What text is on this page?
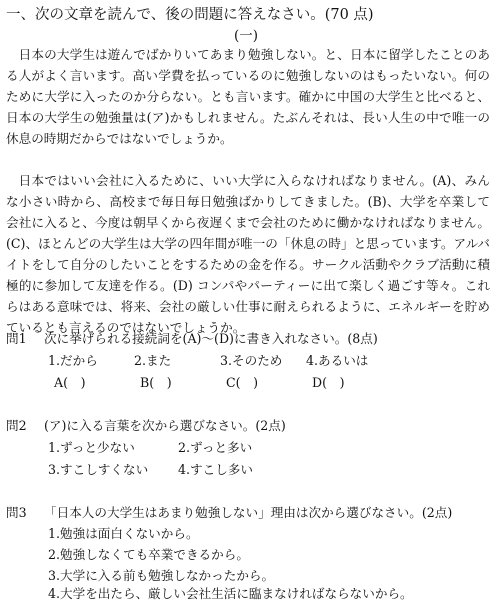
一、次の文章を読んで、後の問題に答えなさい。(70 点)
(一)
日本の大学生は遊んでばかりいてあまり勉強しない。と、日本に留学したことのある人がよく言います。高い学費を払っているのに勉強しないのはもったいない。何のために大学に入ったのか分らない。とも言います。確かに中国の大学生と比べると、日本の大学生の勉強量は(ア)かもしれません。たぶんそれは、長い人生の中で唯一の休息の時期だからではないでしょうか。
日本ではいい会社に入るために、いい大学に入らなければなりません。(A)、みんな小さい時から、高校まで毎日毎日勉強ばかりしてきました。(B)、大学を卒業して会社に入ると、今度は朝早くから夜遅くまで会社のために働かなければなりません。(C)、ほとんどの大学生は大学の四年間が唯一の「休息の時」と思っています。アルバイトをして自分のしたいことをするための金を作る。サークル活動やクラブ活動に積極的に参加して友達を作る。(D) コンパやパーティーに出て楽しく過ごす等々。これらはある意味では、将来、会社の厳しい仕事に耐えられるように、エネルギーを貯めているとも言えるのではないでしょうか。
問1 次に挙げられる接続詞を(A)〜(D)に書き入れなさい。(8点)
1.だから	2.また	3.そのため 4.あるいは
A(　)	B(　)	C(　)	D(　)
問2 (ア)に入る言葉を次から選びなさい。(2点)
1.ずっと少ない	2.ずっと多い
3.すこしすくない 4.すこし多い
問3 「日本人の大学生はあまり勉強しない」理由は次から選びなさい。(2点)
1.勉強は面白くないから。
2.勉強しなくても卒業できるから。
3.大学に入る前も勉強しなかったから。
4.大学を出たら、厳しい会社生活に臨まなければならないから。
